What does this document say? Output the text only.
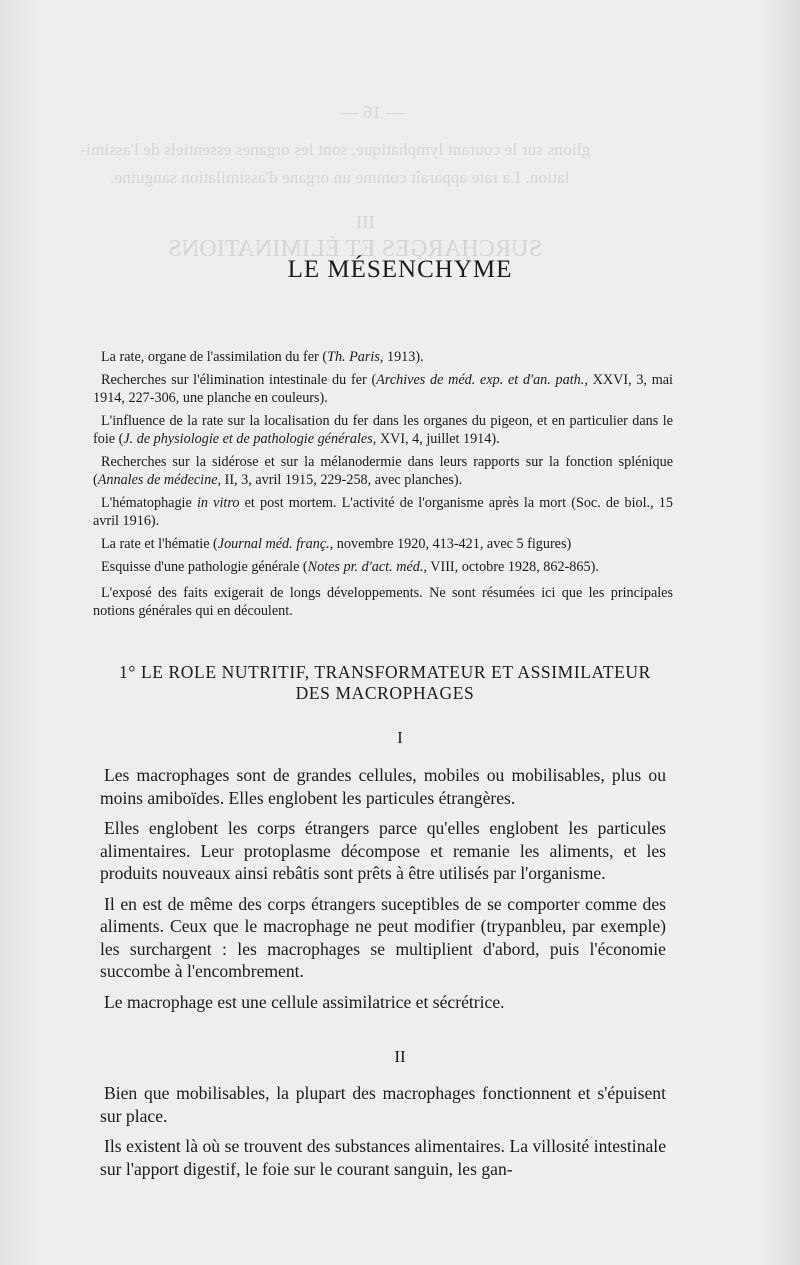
— 16 —
glions sur le courant lymphatique, sont les organes essentiels de l'assimi-
lation. La rate apparaît comme un organe d'assimilation sanguine.
III
SURCHARGES ET ÉLIMINATIONS
LE MÉSENCHYME
La rate, organe de l'assimilation du fer (Th. Paris, 1913).
Recherches sur l'élimination intestinale du fer (Archives de méd. exp. et d'an. path., XXVI, 3, mai 1914, 227-306, une planche en couleurs).
L'influence de la rate sur la localisation du fer dans les organes du pigeon, et en particulier dans le foie (J. de physiologie et de pathologie générales, XVI, 4, juillet 1914).
Recherches sur la sidérose et sur la mélanodermie dans leurs rapports sur la fonction splénique (Annales de médecine, II, 3, avril 1915, 229-258, avec planches).
L'hématophagie in vitro et post mortem. L'activité de l'organisme après la mort (Soc. de biol., 15 avril 1916).
La rate et l'hématie (Journal méd. franç., novembre 1920, 413-421, avec 5 figures)
Esquisse d'une pathologie générale (Notes pr. d'act. méd., VIII, octobre 1928, 862-865).
L'exposé des faits exigerait de longs développements. Ne sont résumées ici que les principales notions générales qui en découlent.
1° LE ROLE NUTRITIF, TRANSFORMATEUR ET ASSIMILATEUR
DES MACROPHAGES
I

Les macrophages sont de grandes cellules, mobiles ou mobilisables, plus ou moins amiboïdes. Elles englobent les particules étrangères.

Elles englobent les corps étrangers parce qu'elles englobent les particules alimentaires. Leur protoplasme décompose et remanie les aliments, et les produits nouveaux ainsi rebâtis sont prêts à être utilisés par l'organisme.

Il en est de même des corps étrangers suceptibles de se comporter comme des aliments. Ceux que le macrophage ne peut modifier (trypanbleu, par exemple) les surchargent : les macrophages se multiplient d'abord, puis l'économie succombe à l'encombrement.

Le macrophage est une cellule assimilatrice et sécrétrice.

II

Bien que mobilisables, la plupart des macrophages fonctionnent et s'épuisent sur place.

Ils existent là où se trouvent des substances alimentaires. La villosité intestinale sur l'apport digestif, le foie sur le courant sanguin, les gan-
